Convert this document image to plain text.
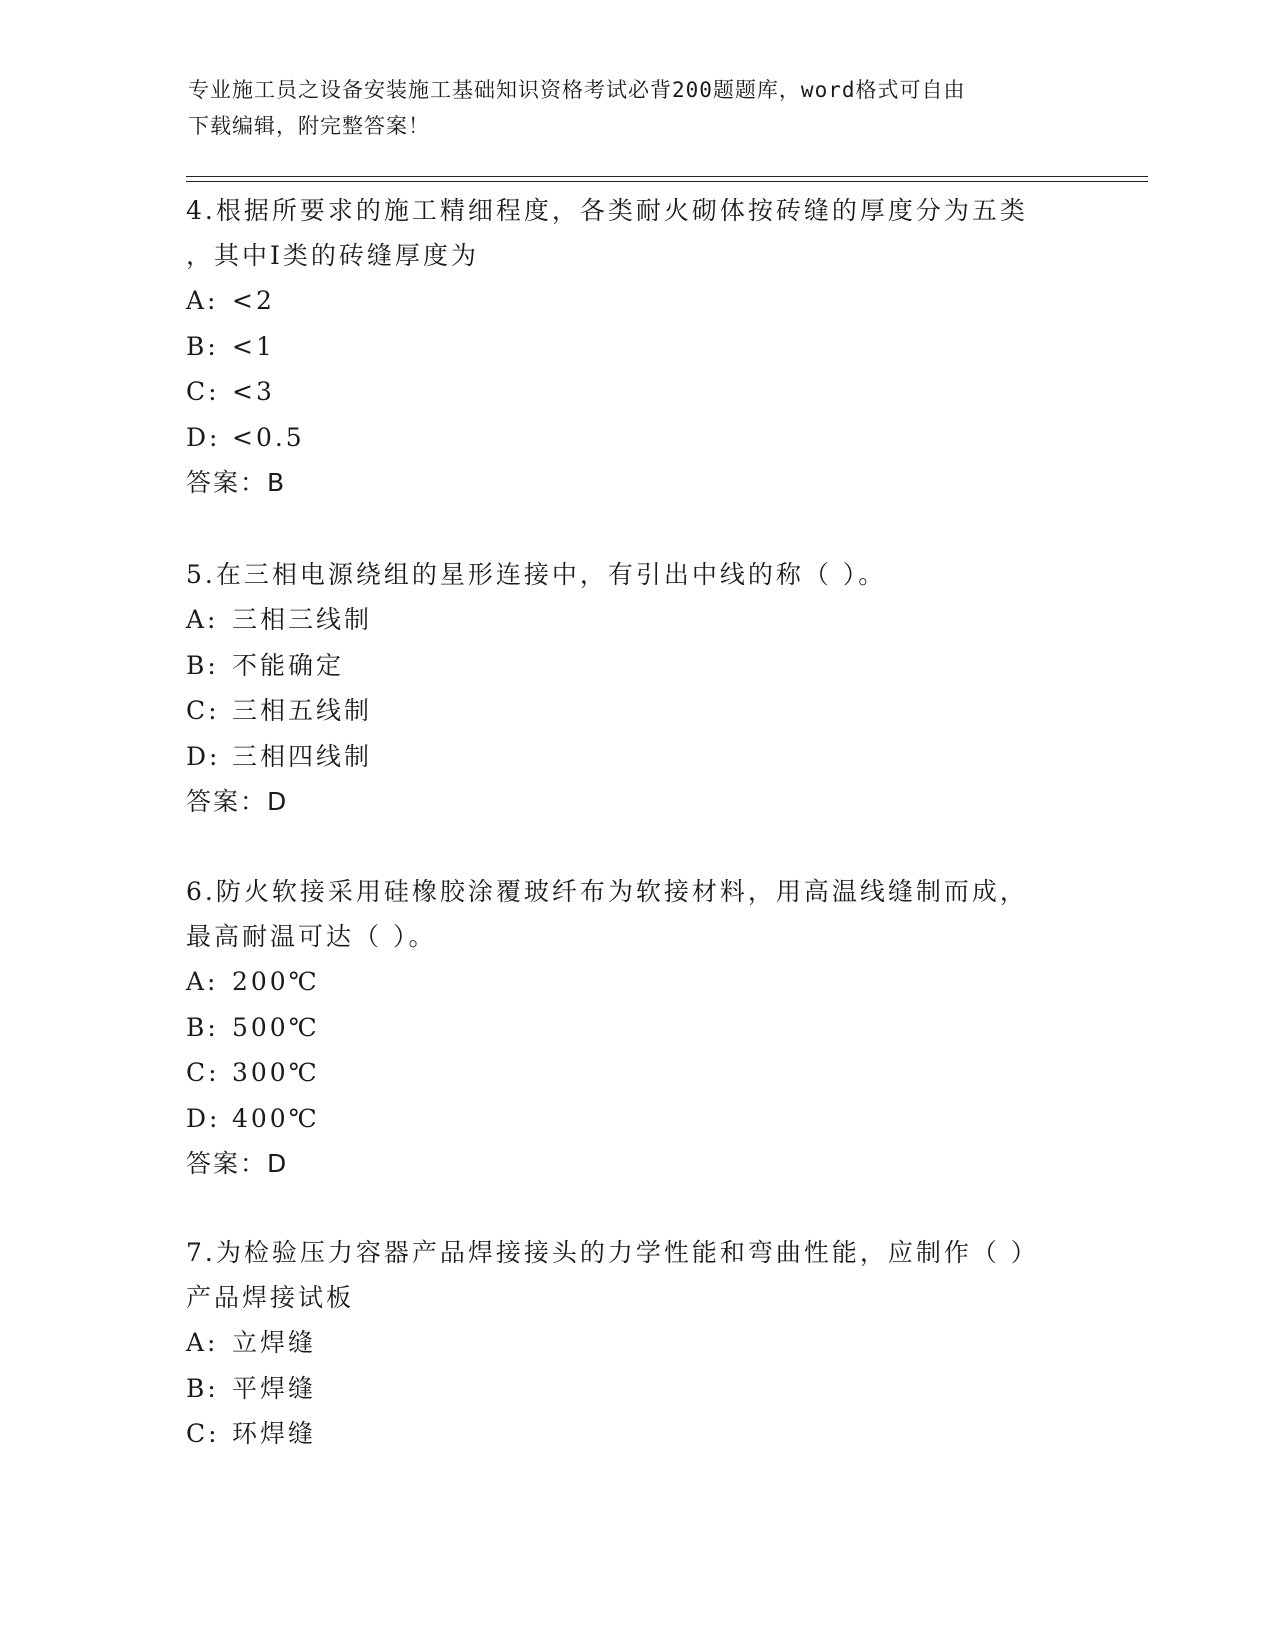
专业施工员之设备安装施工基础知识资格考试必背200题题库，word格式可自由
下载编辑，附完整答案！
4.根据所要求的施工精细程度，各类耐火砌体按砖缝的厚度分为五类
，其中Ⅰ类的砖缝厚度为
A: <2
B: <1
C: <3
D: <0.5
答案：B
5.在三相电源绕组的星形连接中，有引出中线的称（ ）。
A: 三相三线制
B: 不能确定
C: 三相五线制
D: 三相四线制
答案：D
6.防火软接采用硅橡胶涂覆玻纤布为软接材料，用高温线缝制而成，
最高耐温可达（ ）。
A: 200℃
B: 500℃
C: 300℃
D: 400℃
答案：D
7.为检验压力容器产品焊接接头的力学性能和弯曲性能，应制作（ ）
产品焊接试板
A: 立焊缝
B: 平焊缝
C: 环焊缝
